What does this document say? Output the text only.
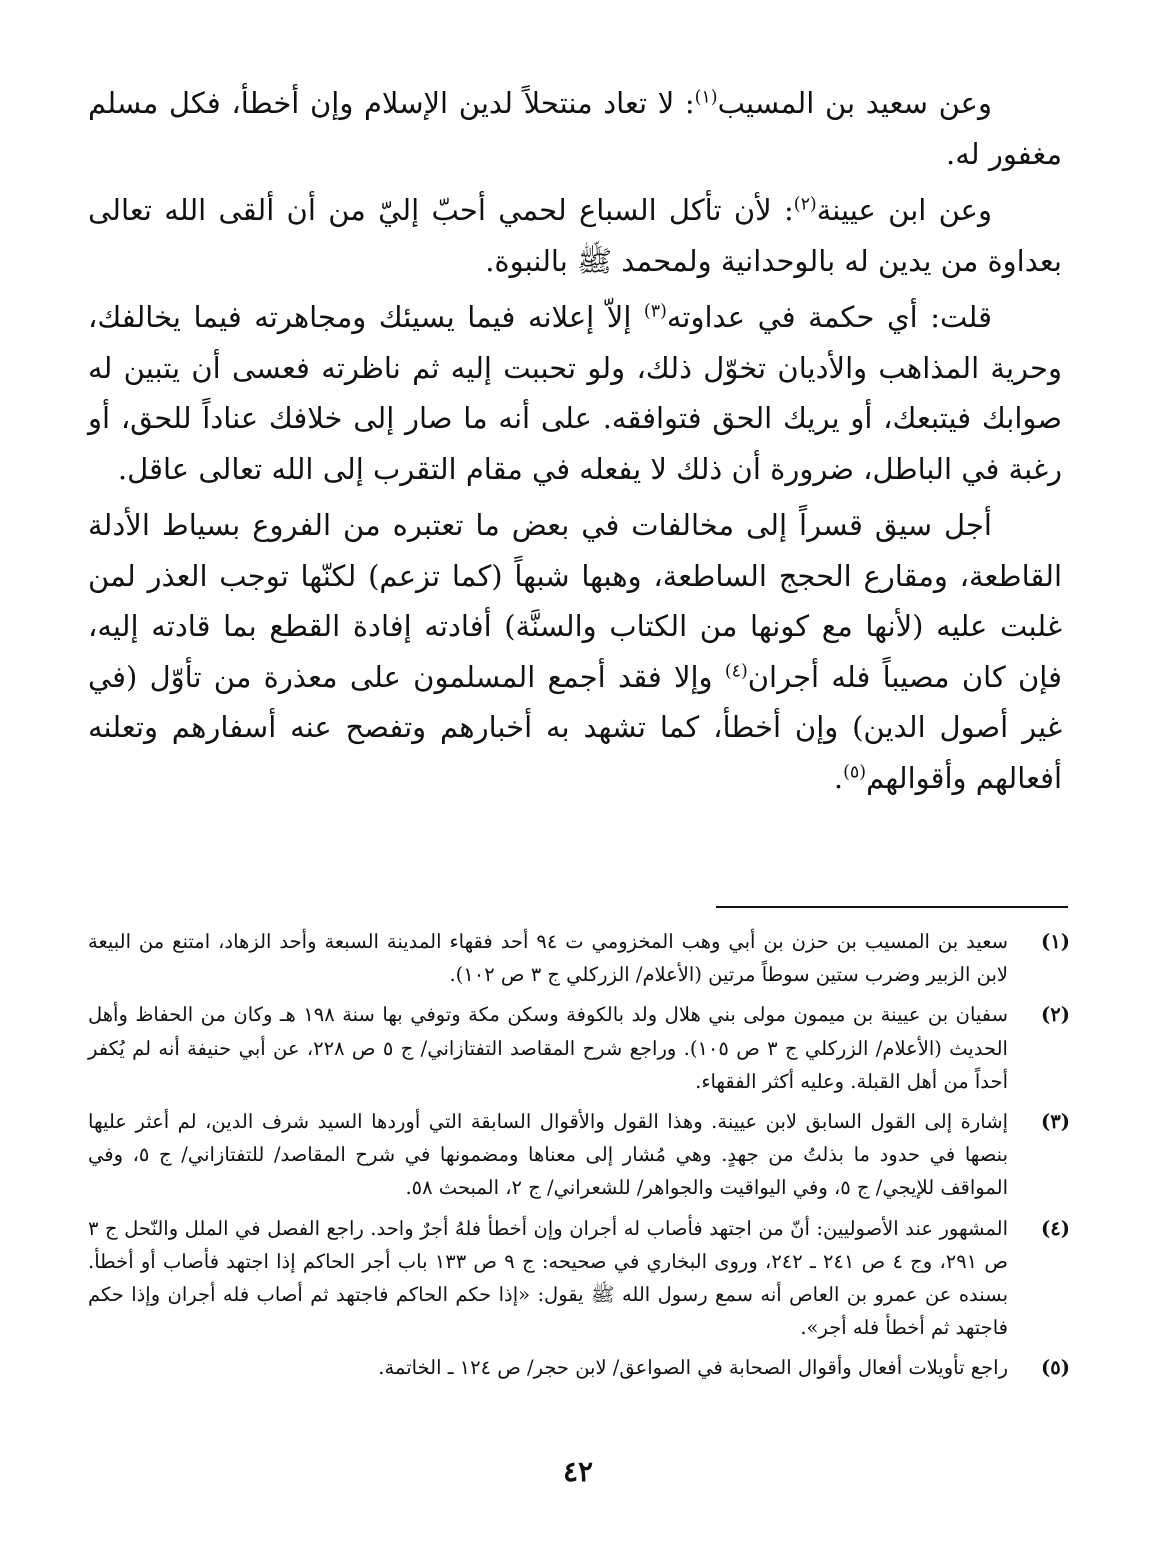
وعن سعيد بن المسيب$^{(١)}$: لا تعاد منتحلاً لدين الإسلام وإن أخطأ، فكل مسلم مغفور له.

وعن ابن عيينة$^{(٢)}$: لأن تأكل السباع لحمي أحبّ إليّ من أن ألقى الله تعالى بعداوة من يدين له بالوحدانية ولمحمد ﷺ بالنبوة.

قلت: أي حكمة في عداوته$^{(٣)}$ إلاّ إعلانه فيما يسيئك ومجاهرته فيما يخالفك، وحرية المذاهب والأديان تخوّل ذلك، ولو تحببت إليه ثم ناظرته فعسى أن يتبين له صوابك فيتبعك، أو يريك الحق فتوافقه. على أنه ما صار إلى خلافك عناداً للحق، أو رغبة في الباطل، ضرورة أن ذلك لا يفعله في مقام التقرب إلى الله تعالى عاقل.

أجل سيق قسراً إلى مخالفات في بعض ما تعتبره من الفروع بسياط الأدلة القاطعة، ومقارع الحجج الساطعة، وهبها شبهاً (كما تزعم) لكنّها توجب العذر لمن غلبت عليه (لأنها مع كونها من الكتاب والسنَّة) أفادته إفادة القطع بما قادته إليه، فإن كان مصيباً فله أجران$^{(٤)}$ وإلا فقد أجمع المسلمون على معذرة من تأوّل (في غير أصول الدين) وإن أخطأ، كما تشهد به أخبارهم وتفصح عنه أسفارهم وتعلنه أفعالهم وأقوالهم$^{(٥)}$.

(١)
سعيد بن المسيب بن حزن بن أبي وهب المخزومي ت ٩٤ أحد فقهاء المدينة السبعة وأحد الزهاد، امتنع من البيعة لابن الزبير وضرب ستين سوطاً مرتين (الأعلام/ الزركلي ج ٣ ص ١٠٢).
(٢)
سفيان بن عيينة بن ميمون مولى بني هلال ولد بالكوفة وسكن مكة وتوفي بها سنة ١٩٨ هـ وكان من الحفاظ وأهل الحديث (الأعلام/ الزركلي ج ٣ ص ١٠٥). وراجع شرح المقاصد التفتازاني/ ج ٥ ص ٢٢٨، عن أبي حنيفة أنه لم يُكفر أحداً من أهل القبلة. وعليه أكثر الفقهاء.
(٣)
إشارة إلى القول السابق لابن عيينة. وهذا القول والأقوال السابقة التي أوردها السيد شرف الدين، لم أعثر عليها بنصها في حدود ما بذلتُ من جهدٍ. وهي مُشار إلى معناها ومضمونها في شرح المقاصد/ للتفتازاني/ ج ٥، وفي المواقف للإيجي/ ج ٥، وفي اليواقيت والجواهر/ للشعراني/ ج ٢، المبحث ٥٨.
(٤)
المشهور عند الأصوليين: أنّ من اجتهد فأصاب له أجران وإن أخطأ فلهُ أجرٌ واحد. راجع الفصل في الملل والنّحل ج ٣ ص ٢٩١، وج ٤ ص ٢٤١ ـ ٢٤٢، وروى البخاري في صحيحه: ج ٩ ص ١٣٣ باب أجر الحاكم إذا اجتهد فأصاب أو أخطأ. بسنده عن عمرو بن العاص أنه سمع رسول الله ﷺ يقول: «إذا حكم الحاكم فاجتهد ثم أصاب فله أجران وإذا حكم فاجتهد ثم أخطأ فله أجر».
(٥)
راجع تأويلات أفعال وأقوال الصحابة في الصواعق/ لابن حجر/ ص ١٢٤ ـ الخاتمة.
٤٢
